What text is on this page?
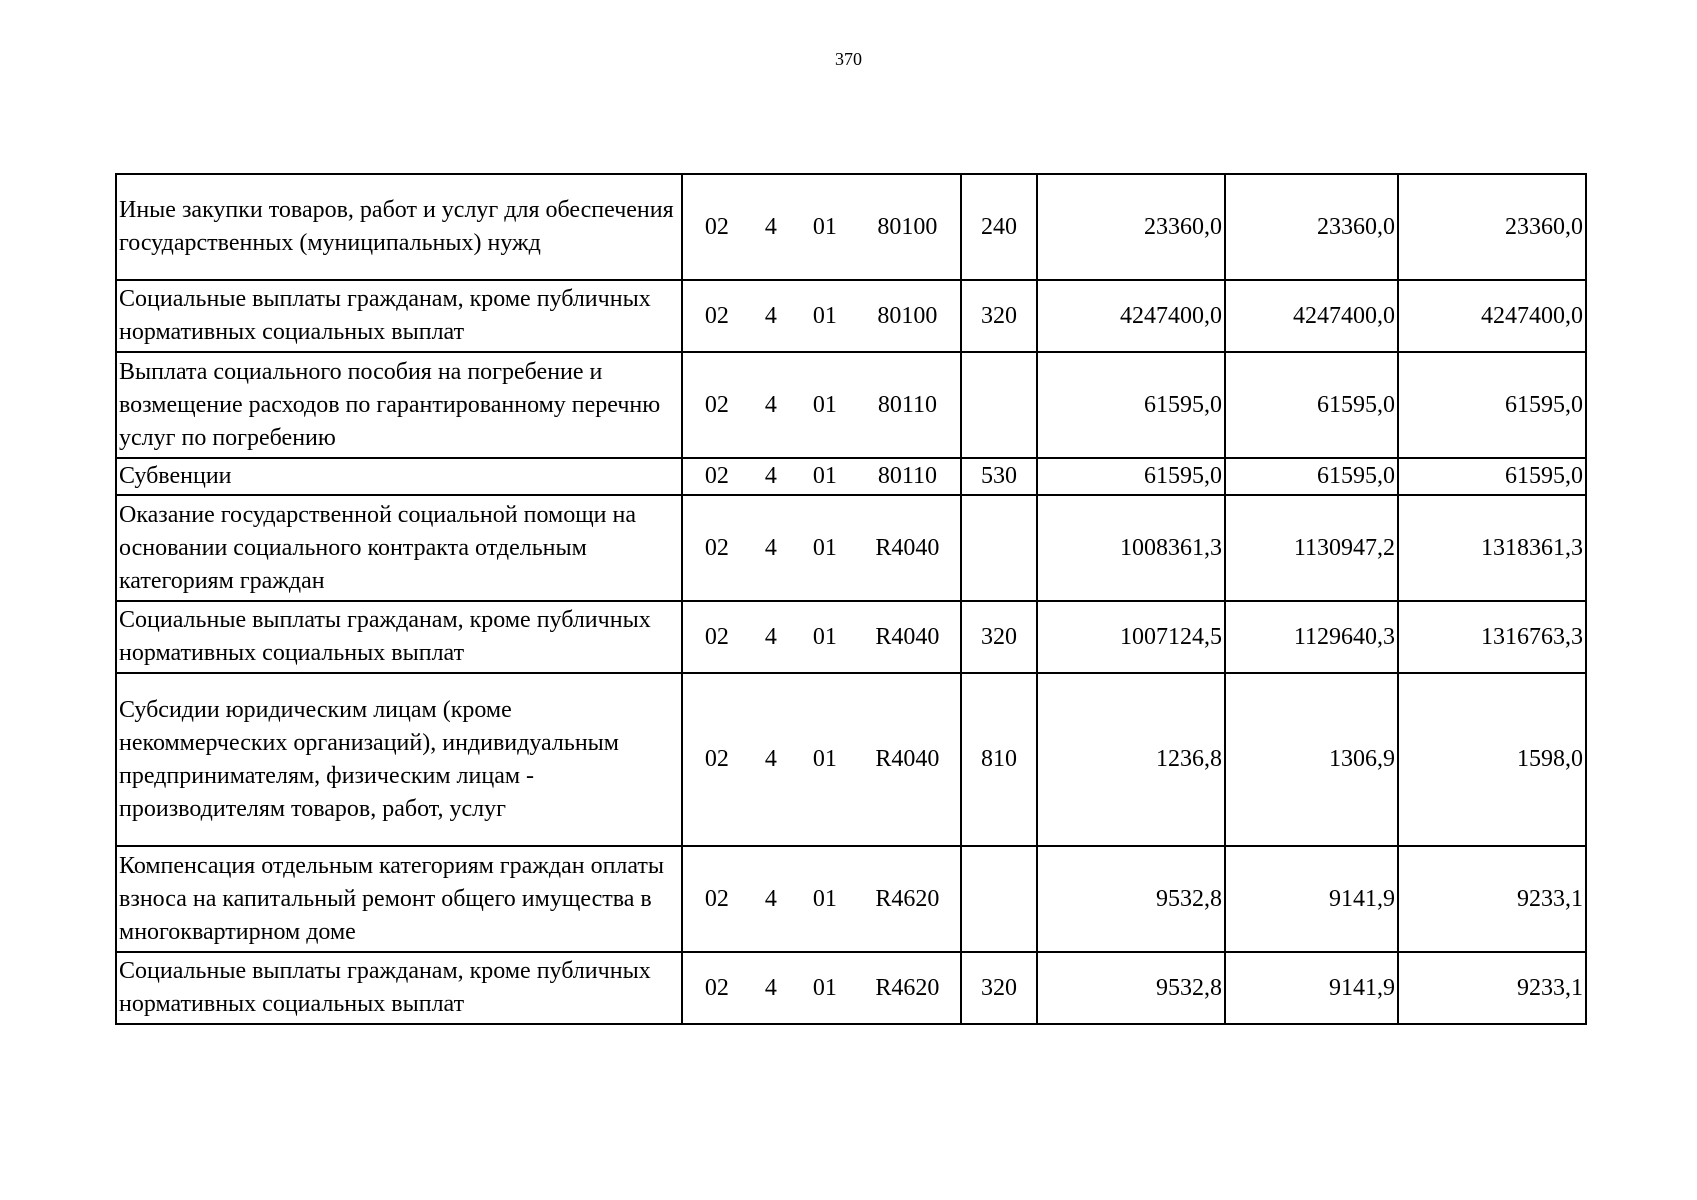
370
Иные закупки товаров, работ и услуг для обеспечения государственных (муниципальных) нужд	02 4 01 80100	240	23360,0	23360,0	23360,0
Социальные выплаты гражданам, кроме публичных нормативных социальных выплат	02 4 01 80100	320	4247400,0	4247400,0	4247400,0
Выплата социального пособия на погребение и возмещение расходов по гарантированному перечню услуг по погребению	02 4 01 80110		61595,0	61595,0	61595,0
Субвенции	02 4 01 80110	530	61595,0	61595,0	61595,0
Оказание государственной социальной помощи на основании социального контракта отдельным категориям граждан	02 4 01 R4040		1008361,3	1130947,2	1318361,3
Социальные выплаты гражданам, кроме публичных нормативных социальных выплат	02 4 01 R4040	320	1007124,5	1129640,3	1316763,3
Субсидии юридическим лицам (кроме некоммерческих организаций), индивидуальным предпринимателям, физическим лицам - производителям товаров, работ, услуг	02 4 01 R4040	810	1236,8	1306,9	1598,0
Компенсация отдельным категориям граждан оплаты взноса на капитальный ремонт общего имущества в многоквартирном доме	02 4 01 R4620		9532,8	9141,9	9233,1
Социальные выплаты гражданам, кроме публичных нормативных социальных выплат	02 4 01 R4620	320	9532,8	9141,9	9233,1
